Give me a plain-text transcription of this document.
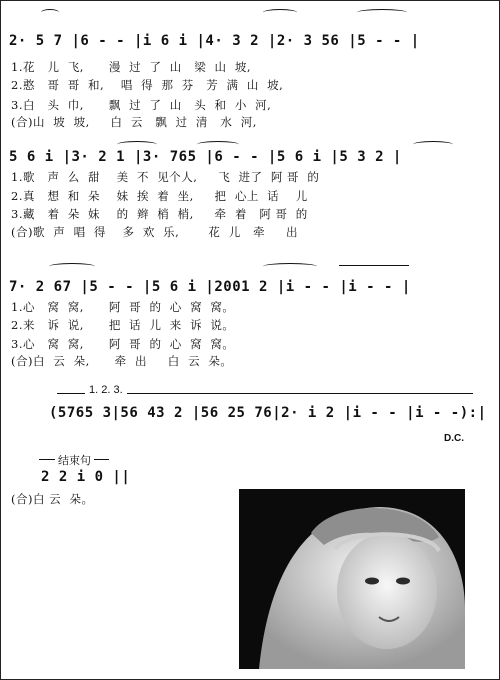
2· 5 7 |6 - - |i 6 i |4· 3 2 |2· 3 56 |5 - - |
1.花   儿  飞,      漫  过  了  山   梁  山  坡,
2.憨   哥  哥  和,    唱  得  那  芬   芳  满  山  坡,
3.白   头  巾,      飘  过  了  山   头  和  小  河,
(合)山  坡  坡,     白  云   飘  过  清   水  河,
5 6 i |3· 2 1 |3· 765 |6 - - |5 6 i |5 3 2 |
1.歌   声  么  甜    美  不  见个人,     飞  进了  阿 哥  的
2.真   想  和  朵    妹  挨  着  坐,     把  心上  话    儿
3.藏   着  朵  妹    的  辫  梢  梢,     牵  着   阿 哥  的
(合)歌  声  唱  得    多  欢  乐,       花  儿   牵     出
7· 2 67 |5 - - |5 6 i |2001 2 |i - - |i - - |
1.心   窝  窝,      阿  哥  的  心  窝  窝。
2.来   诉  说,      把  话  儿  来  诉  说。
3.心   窝  窝,      阿  哥  的  心  窝  窝。
(合)白  云  朵,      牵  出     白  云  朵。
1. 2. 3.
(5765 3|56 43 2 |56 25 76|2· i 2 |i - - |i - -):|
D.C.
结束句
2 2 i 0 ||
(合)白 云  朵。
